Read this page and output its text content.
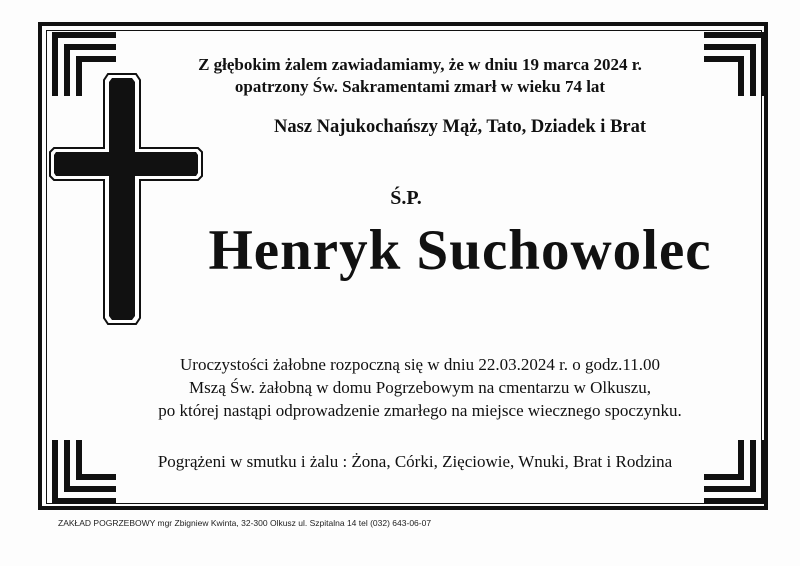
Z głębokim żalem zawiadamiamy, że w dniu 19 marca 2024 r.
opatrzony Św. Sakramentami zmarł w wieku 74 lat
Nasz Najukochańszy Mąż, Tato, Dziadek i Brat
Ś.P.
Henryk Suchowolec
Uroczystości żałobne rozpoczną się w dniu 22.03.2024 r. o godz.11.00
Mszą Św. żałobną w domu Pogrzebowym na cmentarzu w Olkuszu,
po której nastąpi odprowadzenie zmarłego na miejsce wiecznego spoczynku.
Pogrążeni w smutku i żalu : Żona, Córki, Zięciowie, Wnuki, Brat i Rodzina
ZAKŁAD POGRZEBOWY mgr Zbigniew Kwinta, 32-300 Olkusz ul. Szpitalna 14 tel (032) 643-06-07
